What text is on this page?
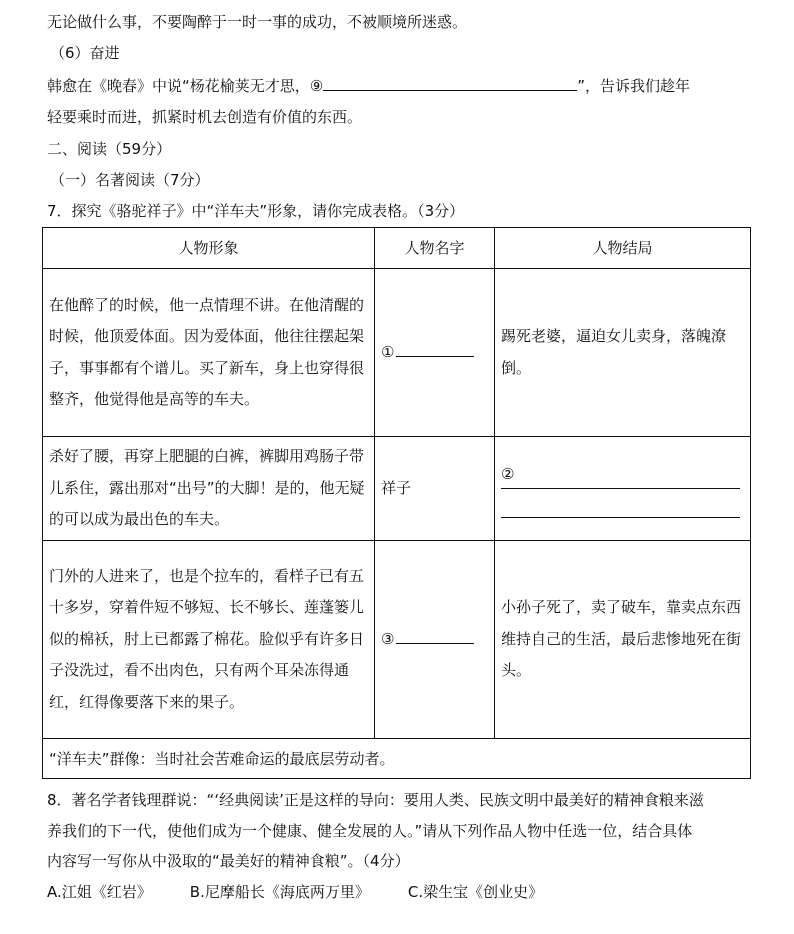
无论做什么事，不要陶醉于一时一事的成功，不被顺境所迷惑。
（6）奋进
韩愈在《晚春》中说“杨花榆荚无才思，⑨	”，告诉我们趁年
轻要乘时而进，抓紧时机去创造有价值的东西。
二、阅读（59分）
（一）名著阅读（7分）
7．探究《骆驼祥子》中“洋车夫”形象，请你完成表格。（3分）
人物形象	人物名字	人物结局
在他醉了的时候，他一点情理不讲。在他清醒的时候，他顶爱体面。因为爱体面，他往往摆起架子，事事都有个谱儿。买了新车，身上也穿得很整齐，他觉得他是高等的车夫。	①	踢死老婆，逼迫女儿卖身，落魄潦倒。
杀好了腰，再穿上肥腿的白裤，裤脚用鸡肠子带儿系住，露出那对“出号”的大脚！是的，他无疑的可以成为最出色的车夫。	祥子	②

门外的人进来了，也是个拉车的，看样子已有五十多岁，穿着件短不够短、长不够长、莲蓬篓儿似的棉袄，肘上已都露了棉花。脸似乎有许多日子没洗过，看不出肉色，只有两个耳朵冻得通红，红得像要落下来的果子。	③	小孙子死了，卖了破车，靠卖点东西维持自己的生活，最后悲惨地死在街头。
“洋车夫”群像：当时社会苦难命运的最底层劳动者。		
8．著名学者钱理群说：“‘经典阅读’正是这样的导向：要用人类、民族文明中最美好的精神食粮来滋
养我们的下一代，使他们成为一个健康、健全发展的人。”请从下列作品人物中任选一位，结合具体
内容写一写你从中汲取的“最美好的精神食粮”。（4分）
A.江姐《红岩》	B.尼摩船长《海底两万里》	C.梁生宝《创业史》
